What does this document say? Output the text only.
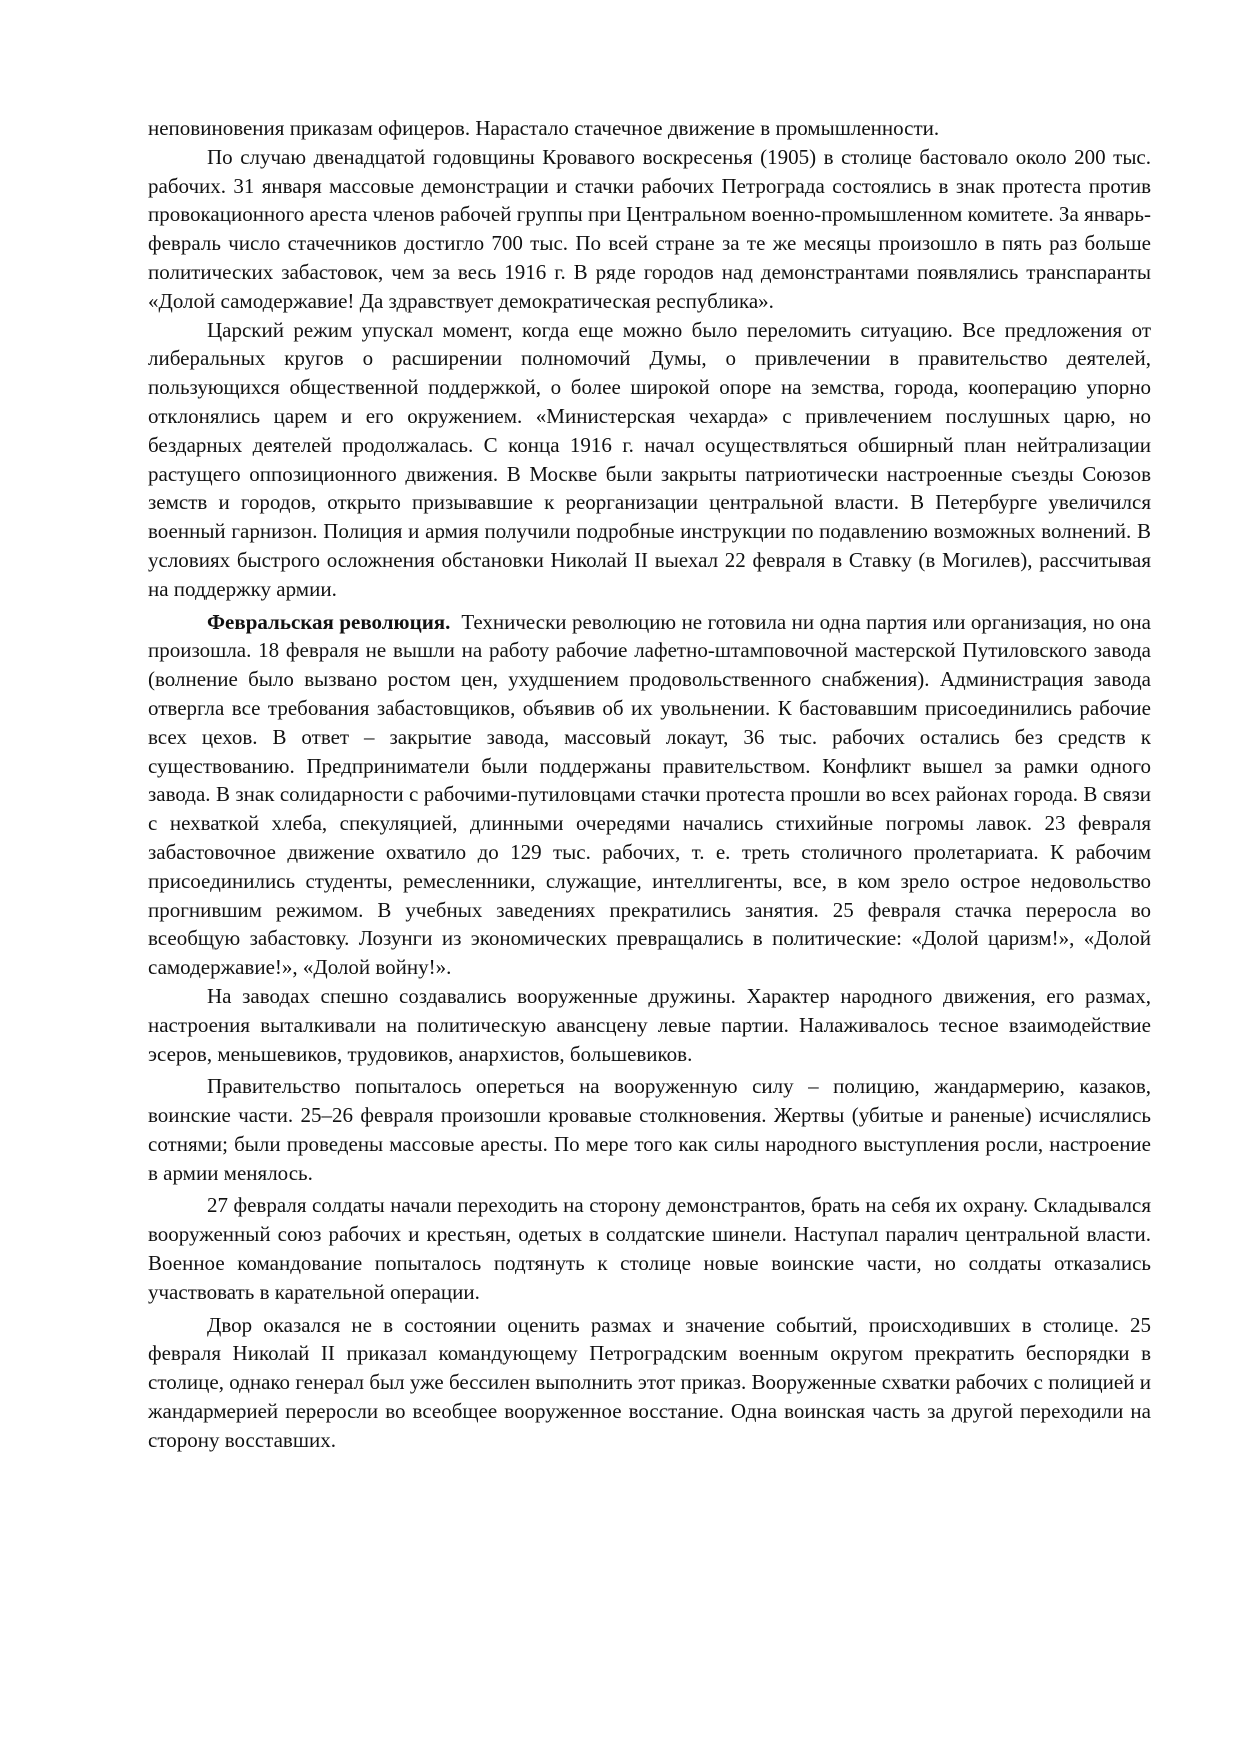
неповиновения приказам офицеров. Нарастало стачечное движение в промышленности.

По случаю двенадцатой годовщины Кровавого воскресенья (1905) в столице бастовало около 200 тыс. рабочих. 31 января массовые демонстрации и стачки рабочих Петрограда состоялись в знак протеста против провокационного ареста членов рабочей группы при Центральном военно-промышленном комитете. За январь-февраль число стачечников достигло 700 тыс. По всей стране за те же месяцы произошло в пять раз больше политических забастовок, чем за весь 1916 г. В ряде городов над демонстрантами появлялись транспаранты «Долой самодержавие! Да здравствует демократическая республика».

Царский режим упускал момент, когда еще можно было переломить ситуацию. Все предложения от либеральных кругов о расширении полномочий Думы, о привлечении в правительство деятелей, пользующихся общественной поддержкой, о более широкой опоре на земства, города, кооперацию упорно отклонялись царем и его окружением. «Министерская чехарда» с привлечением послушных царю, но бездарных деятелей продолжалась. С конца 1916 г. начал осуществляться обширный план нейтрализации растущего оппозиционного движения. В Москве были закрыты патриотически настроенные съезды Союзов земств и городов, открыто призывавшие к реорганизации центральной власти. В Петербурге увеличился военный гарнизон. Полиция и армия получили подробные инструкции по подавлению возможных волнений. В условиях быстрого осложнения обстановки Николай II выехал 22 февраля в Ставку (в Могилев), рассчитывая на поддержку армии.

Февральская революция. Технически революцию не готовила ни одна партия или организация, но она произошла. 18 февраля не вышли на работу рабочие лафетно-штамповочной мастерской Путиловского завода (волнение было вызвано ростом цен, ухудшением продовольственного снабжения). Администрация завода отвергла все требования забастовщиков, объявив об их увольнении. К бастовавшим присоединились рабочие всех цехов. В ответ – закрытие завода, массовый локаут, 36 тыс. рабочих остались без средств к существованию. Предприниматели были поддержаны правительством. Конфликт вышел за рамки одного завода. В знак солидарности с рабочими-путиловцами стачки протеста прошли во всех районах города. В связи с нехваткой хлеба, спекуляцией, длинными очередями начались стихийные погромы лавок. 23 февраля забастовочное движение охватило до 129 тыс. рабочих, т. е. треть столичного пролетариата. К рабочим присоединились студенты, ремесленники, служащие, интеллигенты, все, в ком зрело острое недовольство прогнившим режимом. В учебных заведениях прекратились занятия. 25 февраля стачка переросла во всеобщую забастовку. Лозунги из экономических превращались в политические: «Долой царизм!», «Долой самодержавие!», «Долой войну!».

На заводах спешно создавались вооруженные дружины. Характер народного движения, его размах, настроения выталкивали на политическую авансцену левые партии. Налаживалось тесное взаимодействие эсеров, меньшевиков, трудовиков, анархистов, большевиков.

Правительство попыталось опереться на вооруженную силу – полицию, жандармерию, казаков, воинские части. 25–26 февраля произошли кровавые столкновения. Жертвы (убитые и раненые) исчислялись сотнями; были проведены массовые аресты. По мере того как силы народного выступления росли, настроение в армии менялось.

27 февраля солдаты начали переходить на сторону демонстрантов, брать на себя их охрану. Складывался вооруженный союз рабочих и крестьян, одетых в солдатские шинели. Наступал паралич центральной власти. Военное командование попыталось подтянуть к столице новые воинские части, но солдаты отказались участвовать в карательной операции.

Двор оказался не в состоянии оценить размах и значение событий, происходивших в столице. 25 февраля Николай II приказал командующему Петроградским военным округом прекратить беспорядки в столице, однако генерал был уже бессилен выполнить этот приказ. Вооруженные схватки рабочих с полицией и жандармерией переросли во всеобщее вооруженное восстание. Одна воинская часть за другой переходили на сторону восставших.
